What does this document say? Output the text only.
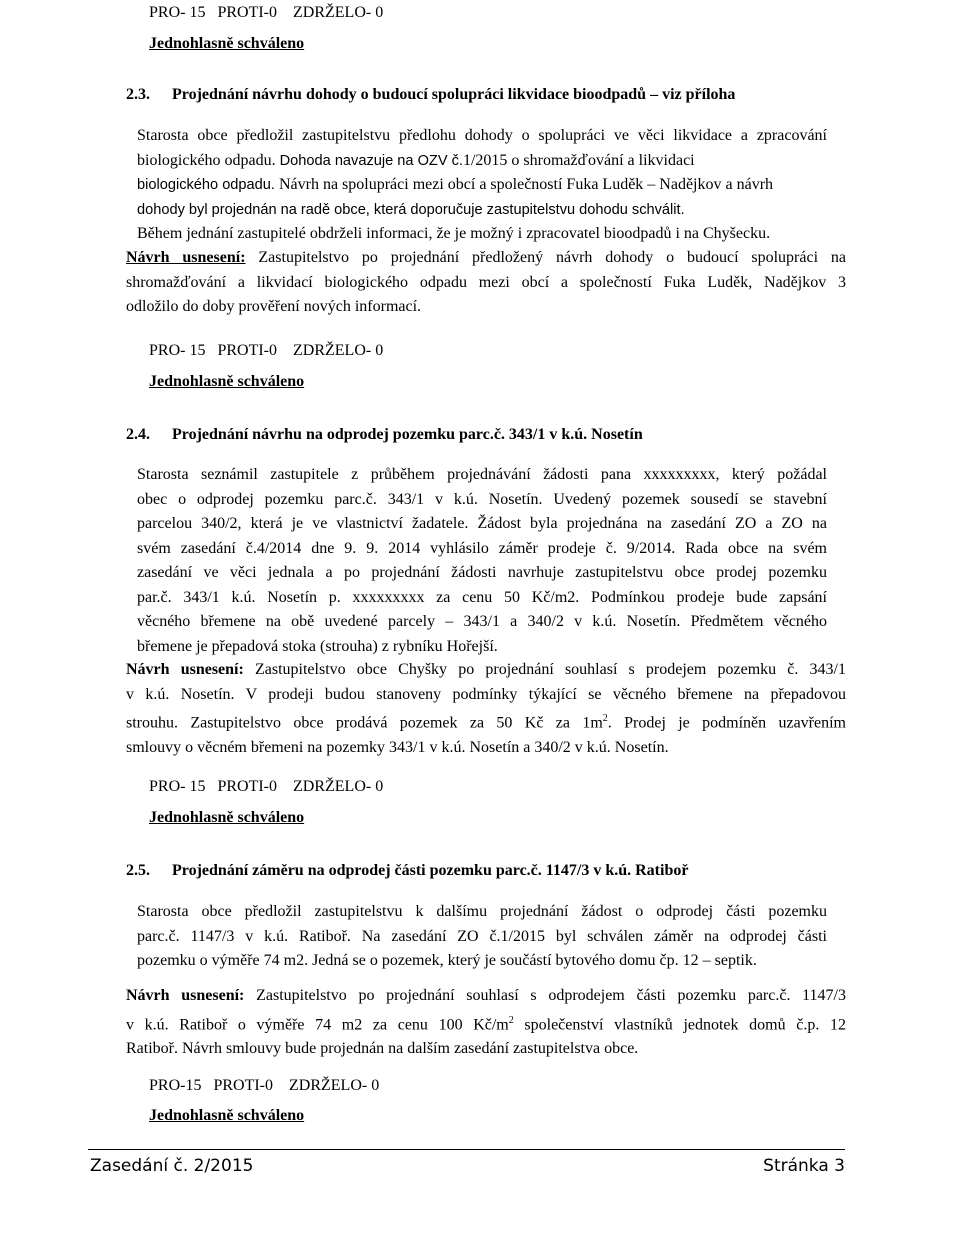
PRO- 15   PROTI-0    ZDRŽELO- 0
Jednohlasně schváleno
2.3. Projednání návrhu dohody o budoucí spolupráci likvidace bioodpadů – viz příloha
Starosta obce předložil zastupitelstvu předlohu dohody o spolupráci ve věci likvidace a zpracování
biologického odpadu. Dohoda navazuje na OZV č.1/2015 o shromažďování a likvidaci
biologického odpadu. Návrh na spolupráci mezi obcí a společností Fuka Luděk – Nadějkov a návrh
dohody byl projednán na radě obce, která doporučuje zastupitelstvu dohodu schválit.
Během jednání zastupitelé obdrželi informaci, že je možný i zpracovatel bioodpadů i na Chyšecku.
Návrh usnesení: Zastupitelstvo po projednání předložený návrh dohody o budoucí spolupráci na
shromažďování a likvidací biologického odpadu mezi obcí a společností Fuka Luděk, Nadějkov 3
odložilo do doby prověření nových informací.
PRO- 15   PROTI-0    ZDRŽELO- 0
Jednohlasně schváleno
2.4. Projednání návrhu na odprodej pozemku parc.č. 343/1 v k.ú. Nosetín
Starosta seznámil zastupitele z průběhem projednávání žádosti pana xxxxxxxxx, který požádal
obec o odprodej pozemku parc.č. 343/1 v k.ú. Nosetín. Uvedený pozemek sousedí se stavební
parcelou 340/2, která je ve vlastnictví žadatele. Žádost byla projednána na zasedání ZO a ZO na
svém zasedání č.4/2014 dne 9. 9. 2014 vyhlásilo záměr prodeje č. 9/2014. Rada obce na svém
zasedání ve věci jednala a po projednání žádosti navrhuje zastupitelstvu obce prodej pozemku
par.č. 343/1 k.ú. Nosetín p. xxxxxxxxx za cenu 50 Kč/m2. Podmínkou prodeje bude zapsání
věcného břemene na obě uvedené parcely – 343/1 a 340/2 v k.ú. Nosetín. Předmětem věcného
břemene je přepadová stoka (strouha) z rybníku Hořejší.
Návrh usnesení: Zastupitelstvo obce Chyšky po projednání souhlasí s prodejem pozemku č. 343/1
v k.ú. Nosetín. V prodeji budou stanoveny podmínky týkající se věcného břemene na přepadovou
strouhu. Zastupitelstvo obce prodává pozemek za 50 Kč za $1m^2$. Prodej je podmíněn uzavřením
smlouvy o věcném břemeni na pozemky 343/1 v k.ú. Nosetín a 340/2 v k.ú. Nosetín.
PRO- 15   PROTI-0    ZDRŽELO- 0
Jednohlasně schváleno
2.5. Projednání záměru na odprodej části pozemku parc.č. 1147/3 v k.ú. Ratiboř
Starosta obce předložil zastupitelstvu k dalšímu projednání žádost o odprodej části pozemku
parc.č. 1147/3 v k.ú. Ratiboř. Na zasedání ZO č.1/2015 byl schválen záměr na odprodej části
pozemku o výměře 74 m2. Jedná se o pozemek, který je součástí bytového domu čp. 12 – septik.
Návrh usnesení: Zastupitelstvo po projednání souhlasí s odprodejem části pozemku parc.č. 1147/3
v k.ú. Ratiboř o výměře 74 m2 za cenu 100 $Kč/m^2$ společenství vlastníků jednotek domů č.p. 12
Ratiboř. Návrh smlouvy bude projednán na dalším zasedání zastupitelstva obce.
PRO-15   PROTI-0    ZDRŽELO- 0
Jednohlasně schváleno
Zasedání č. 2/2015	Stránka 3
